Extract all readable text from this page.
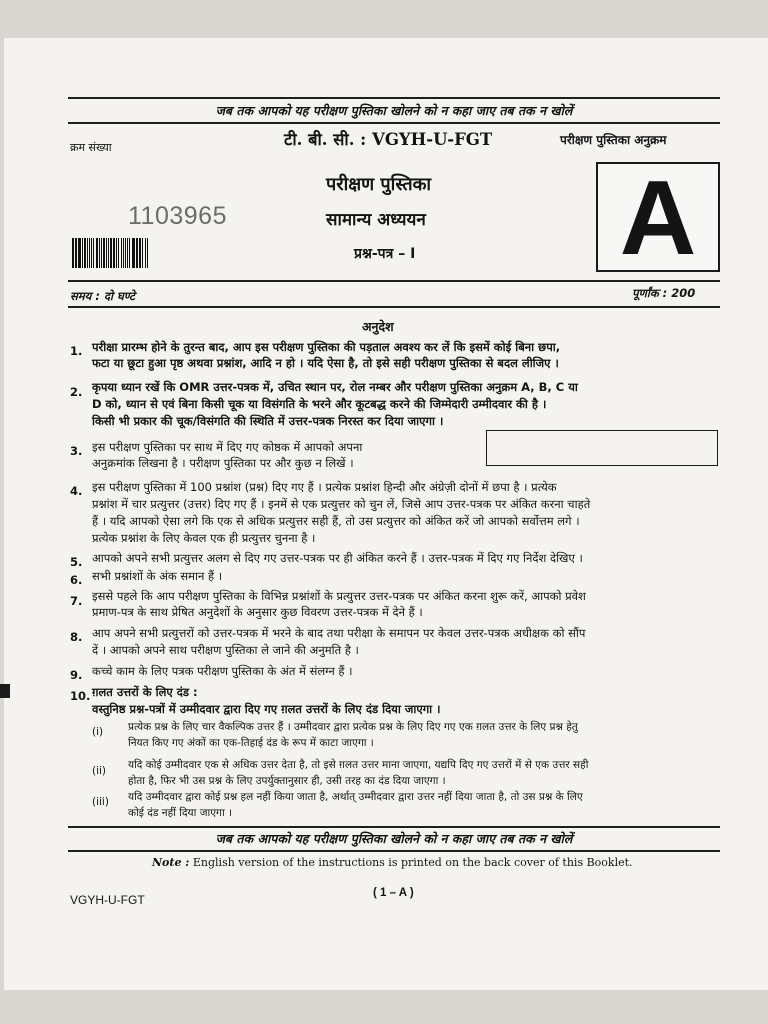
जब तक आपको यह परीक्षण पुस्तिका खोलने को न कहा जाए तब तक न खोलें
क्रम संख्या	टी. बी. सी. : VGYH-U-FGT	परीक्षण पुस्तिका अनुक्रम
1103965
परीक्षण पुस्तिका
सामान्य अध्ययन
प्रश्न-पत्र – I A
समय : दो घण्टे	पूर्णांक : 200
अनुदेश
1. परीक्षा प्रारम्भ होने के तुरन्त बाद, आप इस परीक्षण पुस्तिका की पड़ताल अवश्य कर लें कि इसमें कोई बिना छपा,
फटा या छूटा हुआ पृष्ठ अथवा प्रश्नांश, आदि न हो । यदि ऐसा है, तो इसे सही परीक्षण पुस्तिका से बदल लीजिए ।
2. कृपया ध्यान रखें कि OMR उत्तर-पत्रक में, उचित स्थान पर, रोल नम्बर और परीक्षण पुस्तिका अनुक्रम A, B, C या
D को, ध्यान से एवं बिना किसी चूक या विसंगति के भरने और कूटबद्ध करने की जिम्मेदारी उम्मीदवार की है ।
किसी भी प्रकार की चूक/विसंगति की स्थिति में उत्तर-पत्रक निरस्त कर दिया जाएगा ।
3. इस परीक्षण पुस्तिका पर साथ में दिए गए कोष्ठक में आपको अपना
अनुक्रमांक लिखना है । परीक्षण पुस्तिका पर और कुछ न लिखें ।
4. इस परीक्षण पुस्तिका में 100 प्रश्नांश (प्रश्न) दिए गए हैं । प्रत्येक प्रश्नांश हिन्दी और अंग्रेज़ी दोनों में छपा है । प्रत्येक
प्रश्नांश में चार प्रत्युत्तर (उत्तर) दिए गए हैं । इनमें से एक प्रत्युत्तर को चुन लें, जिसे आप उत्तर-पत्रक पर अंकित करना चाहते
हैं । यदि आपको ऐसा लगे कि एक से अधिक प्रत्युत्तर सही हैं, तो उस प्रत्युत्तर को अंकित करें जो आपको सर्वोत्तम लगे ।
प्रत्येक प्रश्नांश के लिए केवल एक ही प्रत्युत्तर चुनना है ।
5. आपको अपने सभी प्रत्युत्तर अलग से दिए गए उत्तर-पत्रक पर ही अंकित करने हैं । उत्तर-पत्रक में दिए गए निर्देश देखिए ।
6. सभी प्रश्नांशों के अंक समान हैं ।
7. इससे पहले कि आप परीक्षण पुस्तिका के विभिन्न प्रश्नांशों के प्रत्युत्तर उत्तर-पत्रक पर अंकित करना शुरू करें, आपको प्रवेश
प्रमाण-पत्र के साथ प्रेषित अनुदेशों के अनुसार कुछ विवरण उत्तर-पत्रक में देने हैं ।
8. आप अपने सभी प्रत्युत्तरों को उत्तर-पत्रक में भरने के बाद तथा परीक्षा के समापन पर केवल उत्तर-पत्रक अधीक्षक को सौंप
दें । आपको अपने साथ परीक्षण पुस्तिका ले जाने की अनुमति है ।
9. कच्चे काम के लिए पत्रक परीक्षण पुस्तिका के अंत में संलग्न हैं ।
10. ग़लत उत्तरों के लिए दंड :
वस्तुनिष्ठ प्रश्न-पत्रों में उम्मीदवार द्वारा दिए गए ग़लत उत्तरों के लिए दंड दिया जाएगा ।
(i) प्रत्येक प्रश्न के लिए चार वैकल्पिक उत्तर हैं । उम्मीदवार द्वारा प्रत्येक प्रश्न के लिए दिए गए एक ग़लत उत्तर के लिए प्रश्न हेतु
नियत किए गए अंकों का एक-तिहाई दंड के रूप में काटा जाएगा ।
(ii) यदि कोई उम्मीदवार एक से अधिक उत्तर देता है, तो इसे ग़लत उत्तर माना जाएगा, यद्यपि दिए गए उत्तरों में से एक उत्तर सही
होता है, फिर भी उस प्रश्न के लिए उपर्युक्तानुसार ही, उसी तरह का दंड दिया जाएगा ।
(iii) यदि उम्मीदवार द्वारा कोई प्रश्न हल नहीं किया जाता है, अर्थात् उम्मीदवार द्वारा उत्तर नहीं दिया जाता है, तो उस प्रश्न के लिए
कोई दंड नहीं दिया जाएगा ।
जब तक आपको यह परीक्षण पुस्तिका खोलने को न कहा जाए तब तक न खोलें
Note : English version of the instructions is printed on the back cover of this Booklet.
VGYH-U-FGT	( 1 – A )
